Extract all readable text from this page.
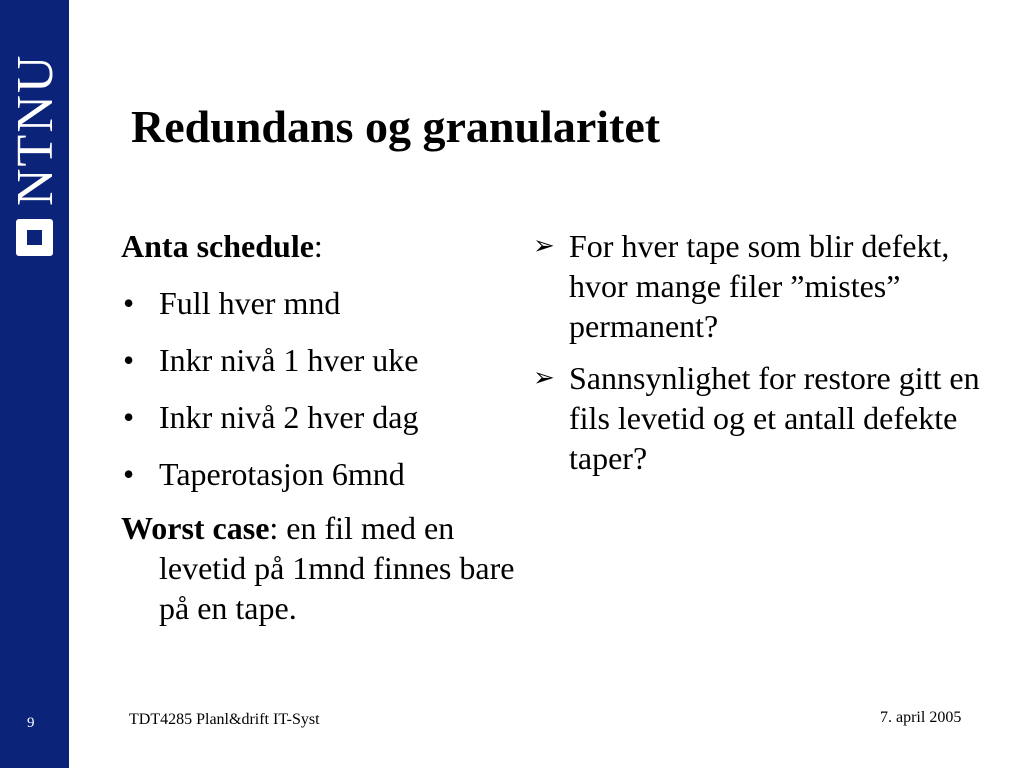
NTNU
9
Redundans og granularitet
Anta schedule:
• Full hver mnd
• Inkr nivå 1 hver uke
• Inkr nivå 2 hver dag
• Taperotasjon 6mnd
Worst case: en fil med en levetid på 1mnd finnes bare på en tape.
➢ For hver tape som blir defekt, hvor mange filer ”mistes” permanent?
➢ Sannsynlighet for restore gitt en fils levetid og et antall defekte taper?
TDT4285 Planl&drift IT-Syst	7. april 2005
